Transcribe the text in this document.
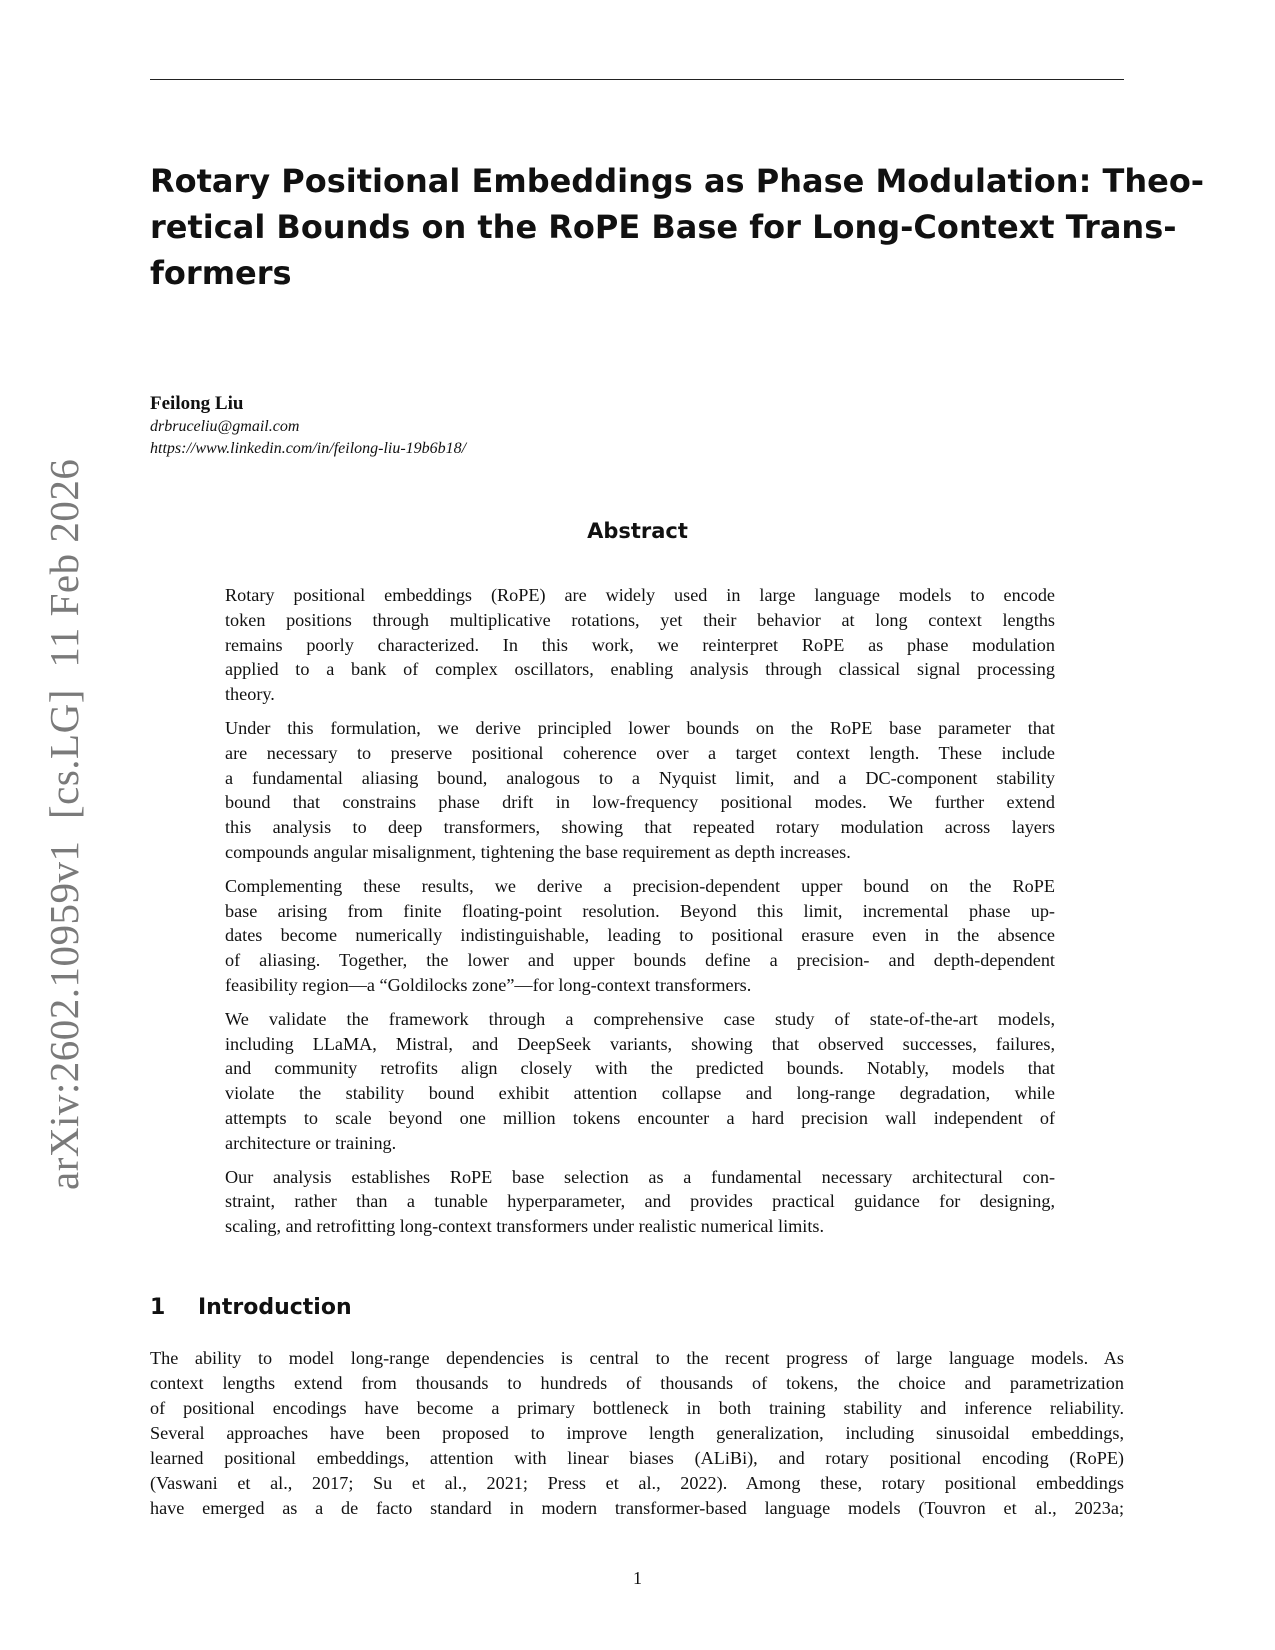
Rotary Positional Embeddings as Phase Modulation: Theo-
retical Bounds on the RoPE Base for Long-Context Trans-
formers
Feilong Liu
drbruceliu@gmail.com
https://www.linkedin.com/in/feilong-liu-19b6b18/
arXiv:2602.10959v1  [cs.LG]  11 Feb 2026	Abstract
Rotary positional embeddings (RoPE) are widely used in large language models to encode
token positions through multiplicative rotations, yet their behavior at long context lengths
remains poorly characterized. In this work, we reinterpret RoPE as phase modulation
applied to a bank of complex oscillators, enabling analysis through classical signal processing
theory.
Under this formulation, we derive principled lower bounds on the RoPE base parameter that
are necessary to preserve positional coherence over a target context length. These include
a fundamental aliasing bound, analogous to a Nyquist limit, and a DC-component stability
bound that constrains phase drift in low-frequency positional modes. We further extend
this analysis to deep transformers, showing that repeated rotary modulation across layers
compounds angular misalignment, tightening the base requirement as depth increases.
Complementing these results, we derive a precision-dependent upper bound on the RoPE
base arising from finite floating-point resolution. Beyond this limit, incremental phase up-
dates become numerically indistinguishable, leading to positional erasure even in the absence
of aliasing. Together, the lower and upper bounds define a precision- and depth-dependent
feasibility region—a “Goldilocks zone”—for long-context transformers.
We validate the framework through a comprehensive case study of state-of-the-art models,
including LLaMA, Mistral, and DeepSeek variants, showing that observed successes, failures,
and community retrofits align closely with the predicted bounds. Notably, models that
violate the stability bound exhibit attention collapse and long-range degradation, while
attempts to scale beyond one million tokens encounter a hard precision wall independent of
architecture or training.
Our analysis establishes RoPE base selection as a fundamental necessary architectural con-
straint, rather than a tunable hyperparameter, and provides practical guidance for designing,
scaling, and retrofitting long-context transformers under realistic numerical limits.
1 Introduction
The ability to model long-range dependencies is central to the recent progress of large language models. As
context lengths extend from thousands to hundreds of thousands of tokens, the choice and parametrization
of positional encodings have become a primary bottleneck in both training stability and inference reliability.
Several approaches have been proposed to improve length generalization, including sinusoidal embeddings,
learned positional embeddings, attention with linear biases (ALiBi), and rotary positional encoding (RoPE)
(Vaswani et al., 2017; Su et al., 2021; Press et al., 2022). Among these, rotary positional embeddings
have emerged as a de facto standard in modern transformer-based language models (Touvron et al., 2023a;
1
